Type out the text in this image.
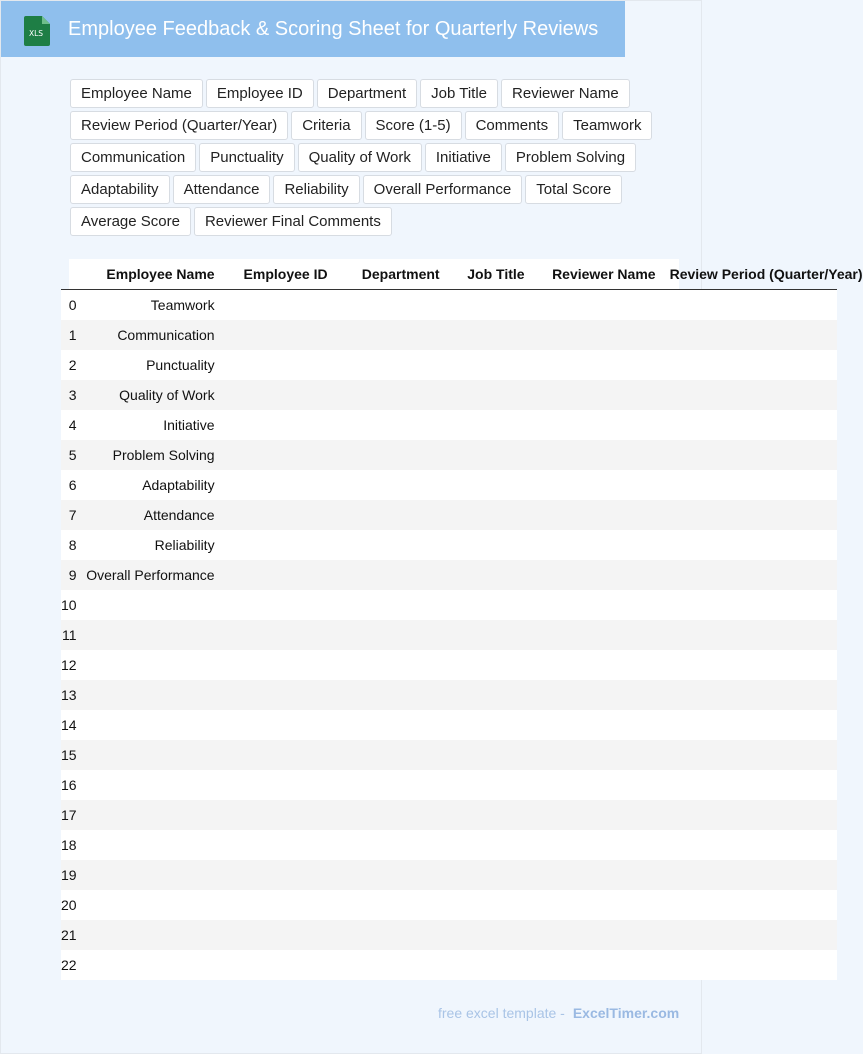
XLS Employee Feedback & Scoring Sheet for Quarterly Reviews
Employee Name	Employee ID	Department	Job Title	Reviewer Name
Review Period (Quarter/Year)	Criteria	Score (1-5)	Comments	Teamwork
Communication	Punctuality	Quality of Work	Initiative	Problem Solving
Adaptability	Attendance	Reliability	Overall Performance	Total Score
Average Score	Reviewer Final Comments
	Employee Name	Employee ID	Department	Job Title	Reviewer Name	Review Period (Quarter/Year)
0	Teamwork					
1	Communication					
2	Punctuality					
3	Quality of Work					
4	Initiative					
5	Problem Solving					
6	Adaptability					
7	Attendance					
8	Reliability					
9	Overall Performance					
10						
11						
12						
13						
14						
15						
16						
17						
18						
19						
20						
21						
22						
free excel template - ExcelTimer.com
